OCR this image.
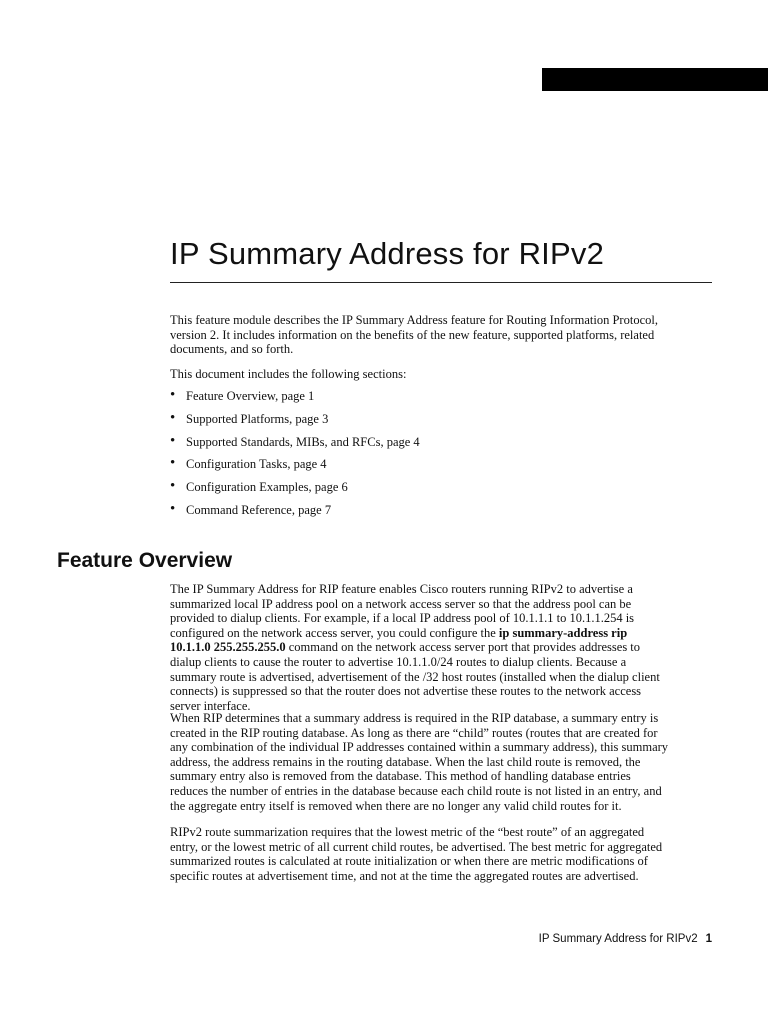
IP Summary Address for RIPv2

This feature module describes the IP Summary Address feature for Routing Information Protocol, version 2. It includes information on the benefits of the new feature, supported platforms, related documents, and so forth.

This document includes the following sections:

• Feature Overview, page 1
• Supported Platforms, page 3
• Supported Standards, MIBs, and RFCs, page 4
• Configuration Tasks, page 4
• Configuration Examples, page 6
• Command Reference, page 7
Feature Overview

The IP Summary Address for RIP feature enables Cisco routers running RIPv2 to advertise a summarized local IP address pool on a network access server so that the address pool can be provided to dialup clients. For example, if a local IP address pool of 10.1.1.1 to 10.1.1.254 is configured on the network access server, you could configure the ip summary-address rip 10.1.1.0 255.255.255.0 command on the network access server port that provides addresses to dialup clients to cause the router to advertise 10.1.1.0/24 routes to dialup clients. Because a summary route is advertised, advertisement of the /32 host routes (installed when the dialup client connects) is suppressed so that the router does not advertise these routes to the network access server interface.

When RIP determines that a summary address is required in the RIP database, a summary entry is created in the RIP routing database. As long as there are “child” routes (routes that are created for any combination of the individual IP addresses contained within a summary address), this summary address, the address remains in the routing database. When the last child route is removed, the summary entry also is removed from the database. This method of handling database entries reduces the number of entries in the database because each child route is not listed in an entry, and the aggregate entry itself is removed when there are no longer any valid child routes for it.

RIPv2 route summarization requires that the lowest metric of the “best route” of an aggregated entry, or the lowest metric of all current child routes, be advertised. The best metric for aggregated summarized routes is calculated at route initialization or when there are metric modifications of specific routes at advertisement time, and not at the time the aggregated routes are advertised.

IP Summary Address for RIPv2 1
